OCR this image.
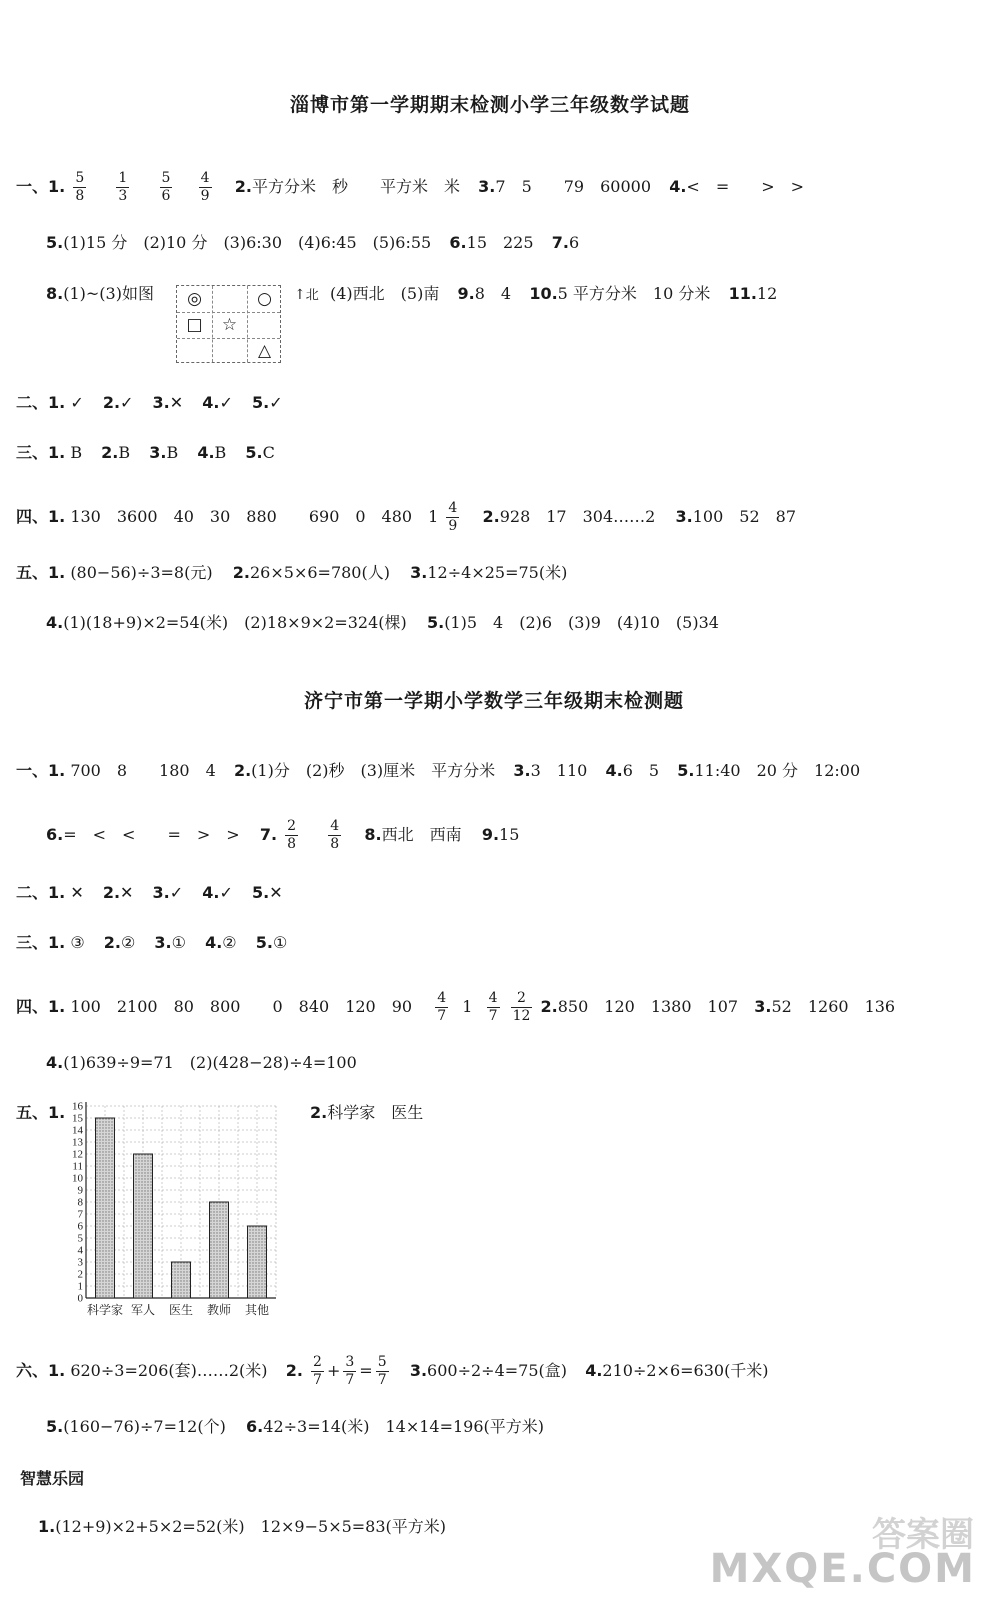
淄博市第一学期期末检测小学三年级数学试题
一、1. $\frac{5}{8}$
$\frac{1}{3}$
$\frac{5}{6}$
$\frac{4}{9} 2$.平方分米　秒　　平方米　米 3.7　5　　79　60000 4.<　=　　>　>
5.(1)15 分　(2)10 分　(3)6:30　(4)6:45　(5)6:55 6.15　225 7.6
8.(1)~(3)如图	◎	○
□	☆
△
↑北 (4)西北　(5)南 9.8　4 10.5 平方分米　10 分米 11.12
二、1. ✓ 2.✓ 3.✕ 4.✓ 5.✓
三、1. B 2.B 3.B 4.B 5.C
四、1. 130　3600　40　30　880　　690　0　480　$1 \frac{4}{9} 2.928$　17　304……2 3.100　52　87
五、1. (80−56)÷3=8(元) 2.26×5×6=780(人) 3.12÷4×25=75(米)
4.(1)(18+9)×2=54(米)　(2)18×9×2=324(棵) 5.(1)5　4　(2)6　(3)9　(4)10　(5)34
济宁市第一学期小学数学三年级期末检测题
一、1. 700　8　　180　4 2.(1)分　(2)秒　(3)厘米　平方分米 3.3　110 4.6　5 5.11:40　20 分　12:00
6.=　<　<　　=　>　> 7. $\frac{2}{8}$
$\frac{4}{8} 8$.西北　西南 9.15
二、1. ✕ 2.✕ 3.✓ 4.✓ 5.✕
三、1. ③ 2.② 3.① 4.② 5.①
四、1. 100　2100　80　800　　0　840　120　$90 \frac{4}{7} 1 \frac{4}{7}$
$\frac{2}{12} 2.850$　120　1380　107 3.52　1260　136
4.(1)639÷9=71　(2)(428−28)÷4=100
五、1.
0
1
2
3
4
5
6
7
8
9
10
11
12
13
14
15
16
科学家 军人 医生 教师 其他
2.科学家　医生
六、1. 620÷3=206(套)……2(米) 2. $\frac{2}{7} + \frac{3}{7} = \frac{5}{7} 3.600\div 2\div 4=75$(盒) 4.210÷2×6=630(千米)
5.(160−76)÷7=12(个) 6.42÷3=14(米)　14×14=196(平方米)
智慧乐园
1.(12+9)×2+5×2=52(米)　12×9−5×5=83(平方米)	答案圈
MXQE.COM
